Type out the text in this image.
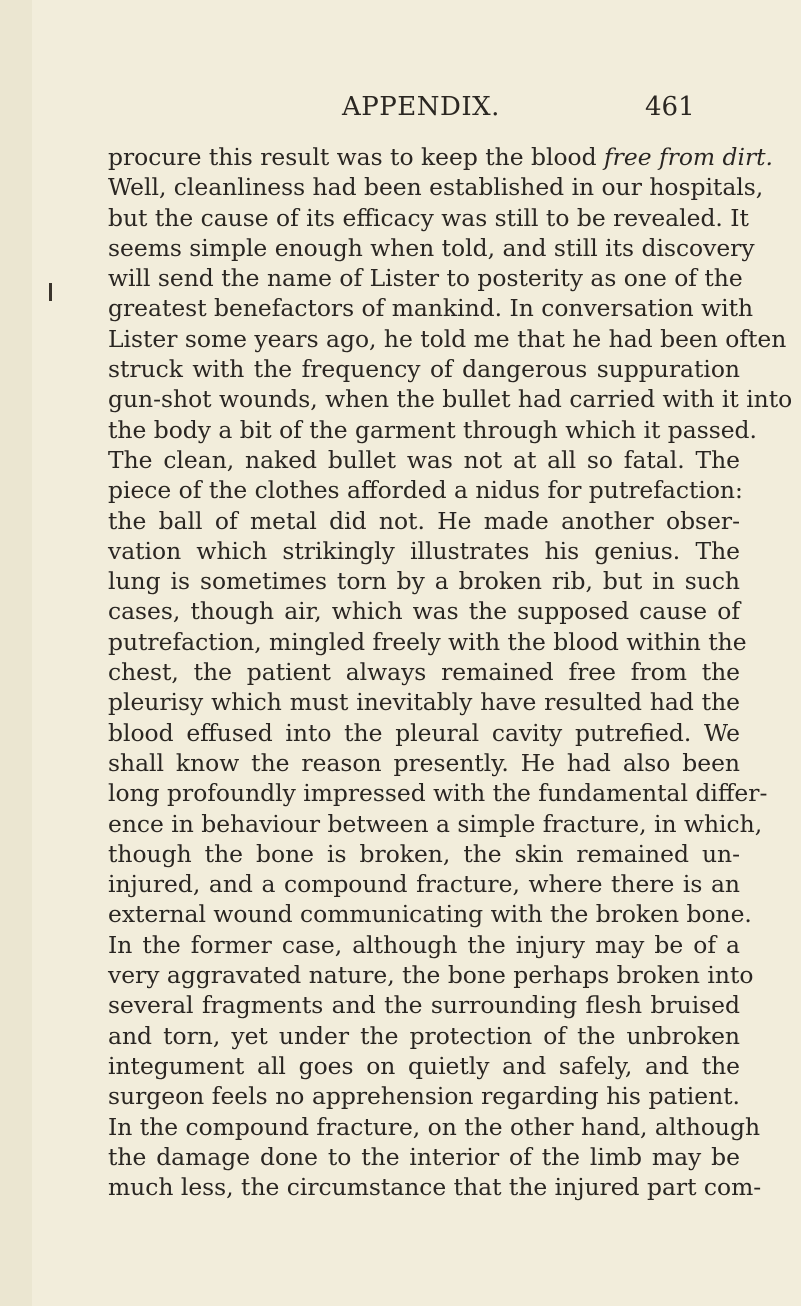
APPENDIX.	461
procure this result was to keep the blood free from dirt.
Well, cleanliness had been established in our hospitals,
but the cause of its efficacy was still to be revealed. It
seems simple enough when told, and still its discovery
will send the name of Lister to posterity as one of the
greatest benefactors of mankind. In conversation with
Lister some years ago, he told me that he had been often
struck with the frequency of dangerous suppuration
gun-shot wounds, when the bullet had carried with it into
the body a bit of the garment through which it passed.
The clean, naked bullet was not at all so fatal. The
piece of the clothes afforded a nidus for putrefaction:
the ball of metal did not. He made another obser-
vation which strikingly illustrates his genius. The
lung is sometimes torn by a broken rib, but in such
cases, though air, which was the supposed cause of
putrefaction, mingled freely with the blood within the
chest, the patient always remained free from the
pleurisy which must inevitably have resulted had the
blood effused into the pleural cavity putrefied. We
shall know the reason presently. He had also been
long profoundly impressed with the fundamental differ-
ence in behaviour between a simple fracture, in which,
though the bone is broken, the skin remained un-
injured, and a compound fracture, where there is an
external wound communicating with the broken bone.
In the former case, although the injury may be of a
very aggravated nature, the bone perhaps broken into
several fragments and the surrounding flesh bruised
and torn, yet under the protection of the unbroken
integument all goes on quietly and safely, and the
surgeon feels no apprehension regarding his patient.
In the compound fracture, on the other hand, although
the damage done to the interior of the limb may be
much less, the circumstance that the injured part com-
